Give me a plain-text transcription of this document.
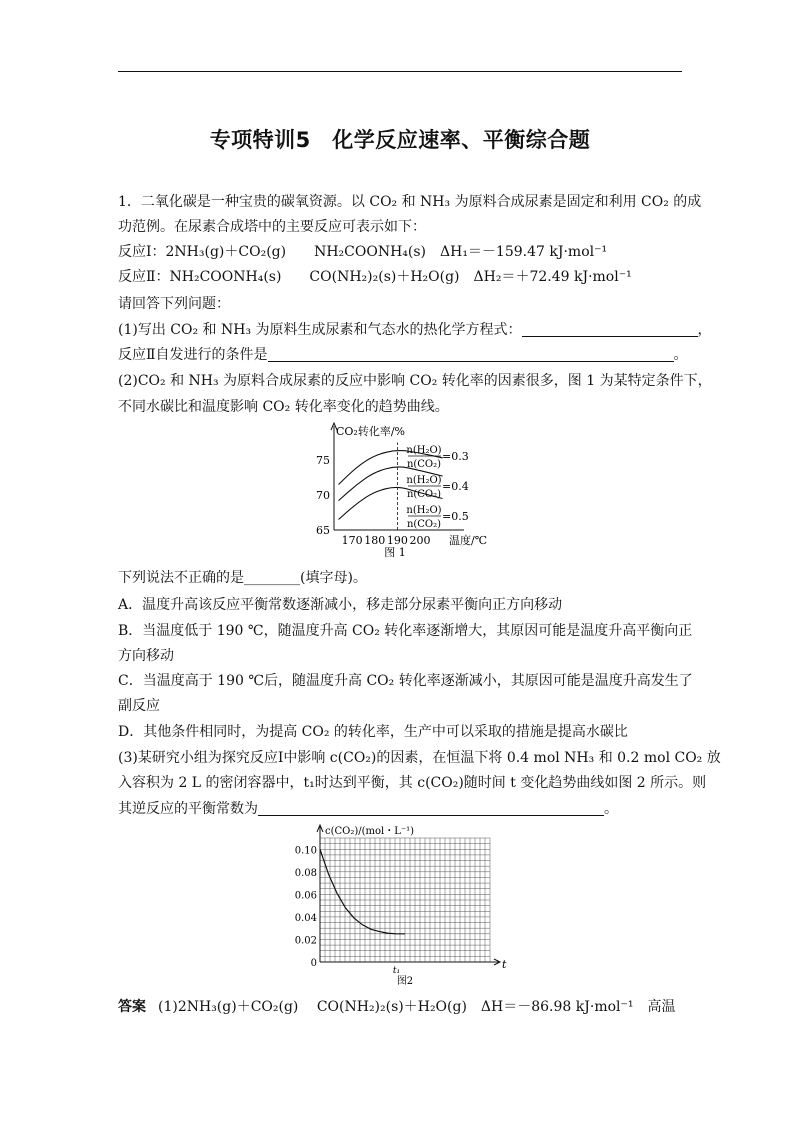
专项特训5　化学反应速率、平衡综合题
1．二氧化碳是一种宝贵的碳氧资源。以 CO₂ 和 NH₃ 为原料合成尿素是固定和利用 CO₂ 的成
功范例。在尿素合成塔中的主要反应可表示如下：
反应Ⅰ：2NH₃(g)＋CO₂(g)　　NH₂COONH₄(s)　ΔH₁＝－159.47 kJ·mol⁻¹
反应Ⅱ：NH₂COONH₄(s)　　CO(NH₂)₂(s)＋H₂O(g)　ΔH₂＝＋72.49 kJ·mol⁻¹
请回答下列问题：
(1)写出 CO₂ 和 NH₃ 为原料生成尿素和气态水的热化学方程式：	，
反应Ⅱ自发进行的条件是	。
(2)CO₂ 和 NH₃ 为原料合成尿素的反应中影响 CO₂ 转化率的因素很多，图 1 为某特定条件下，
不同水碳比和温度影响 CO₂ 转化率变化的趋势曲线。
CO₂转化率/%
65
70
75
170 180 190 200 温度/℃
n(H₂O)
n(CO₂)
=0.3
n(H₂O)
n(CO₂)
=0.4
n(H₂O)
n(CO₂)
=0.5
图 1
下列说法不正确的是________(填字母)。
A．温度升高该反应平衡常数逐渐减小，移走部分尿素平衡向正方向移动
B．当温度低于 190 ℃，随温度升高 CO₂ 转化率逐渐增大，其原因可能是温度升高平衡向正
方向移动
C．当温度高于 190 ℃后，随温度升高 CO₂ 转化率逐渐减小，其原因可能是温度升高发生了
副反应
D．其他条件相同时，为提高 CO₂ 的转化率，生产中可以采取的措施是提高水碳比
(3)某研究小组为探究反应Ⅰ中影响 c(CO₂)的因素，在恒温下将 0.4 mol NH₃ 和 0.2 mol CO₂ 放
入容积为 2 L 的密闭容器中，t₁时达到平衡，其 c(CO₂)随时间 t 变化趋势曲线如图 2 所示。则
其逆反应的平衡常数为	。
c(CO₂)/(mol・L⁻¹)
0
0.02
0.04
0.06
0.08
0.10
t
t₁
图2
答案 (1)2NH₃(g)＋CO₂(g)　 CO(NH₂)₂(s)＋H₂O(g)　ΔH＝－86.98 kJ·mol⁻¹　高温
